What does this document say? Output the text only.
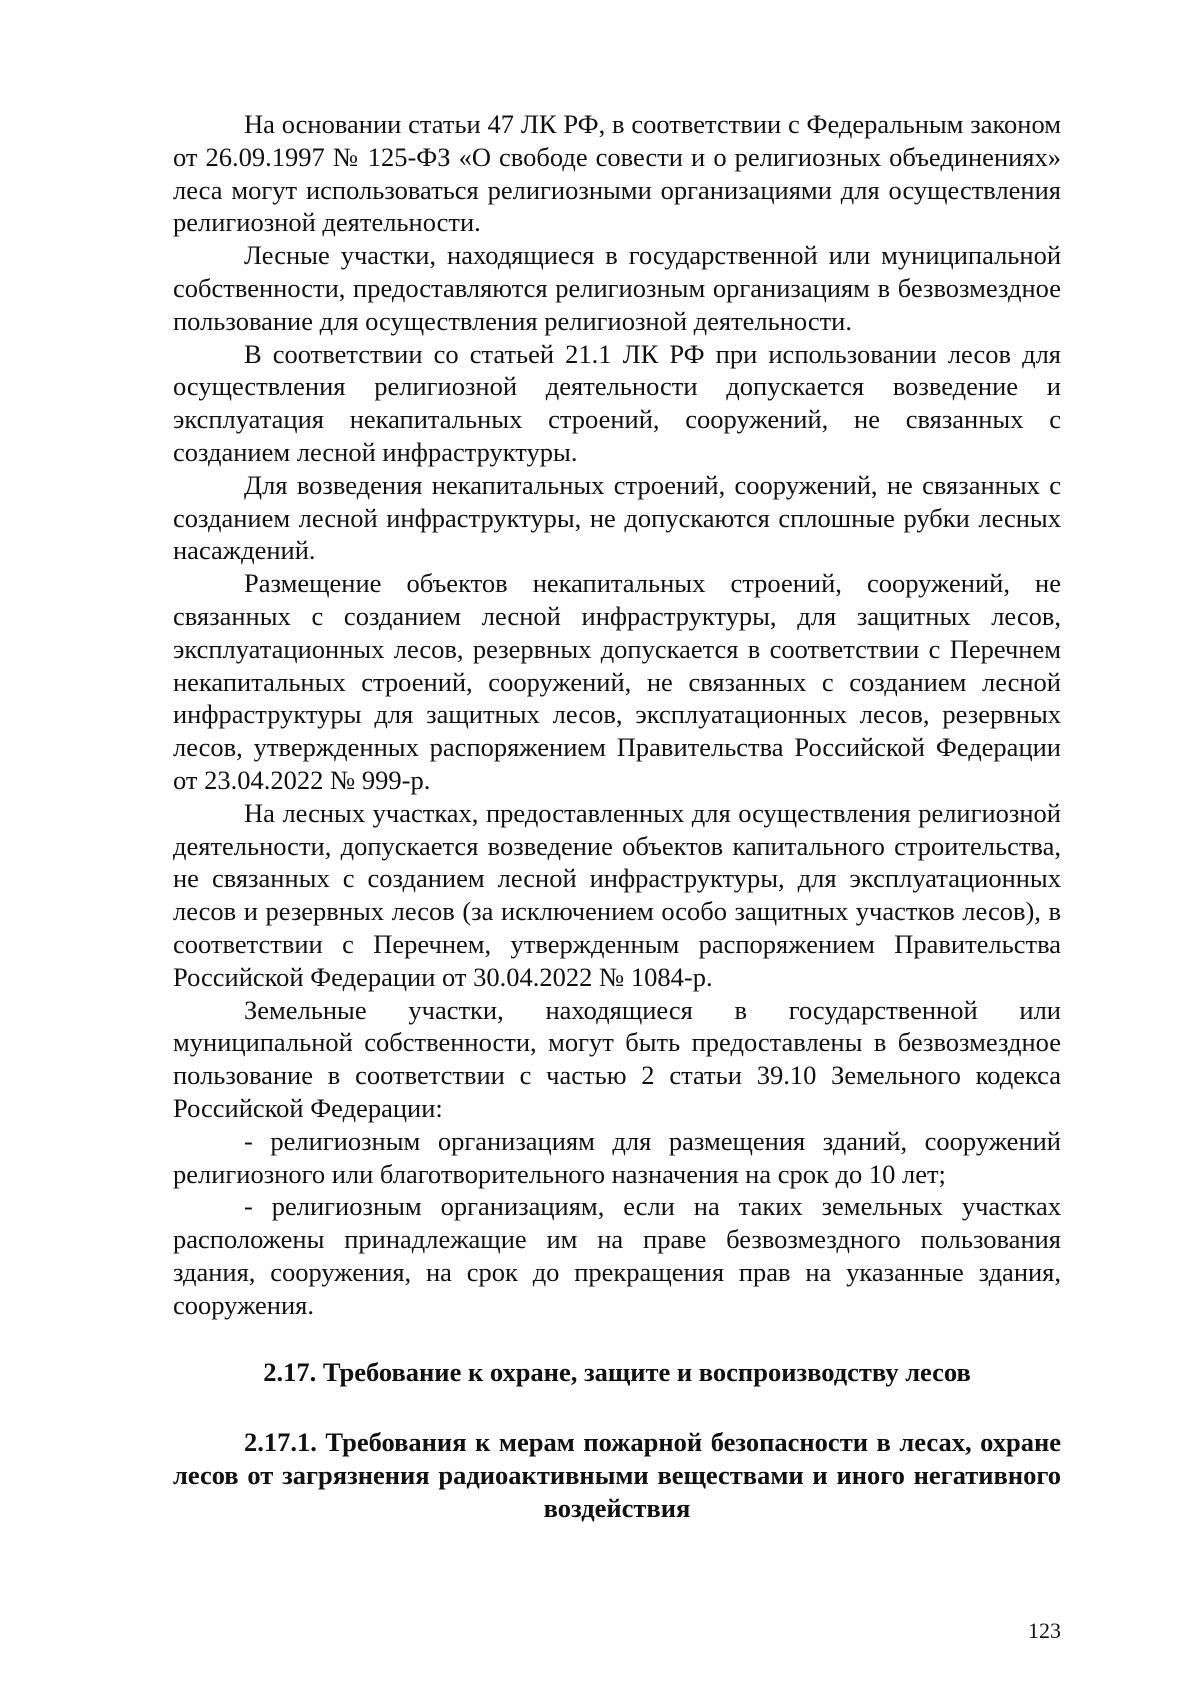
На основании статьи 47 ЛК РФ, в соответствии с Федеральным законом от 26.09.1997 № 125-ФЗ «О свободе совести и о религиозных объединениях» леса могут использоваться религиозными организациями для осуществления религиозной деятельности.

Лесные участки, находящиеся в государственной или муниципальной собственности, предоставляются религиозным организациям в безвозмездное пользование для осуществления религиозной деятельности.

В соответствии со статьей 21.1 ЛК РФ при использовании лесов для осуществления религиозной деятельности допускается возведение и эксплуатация некапитальных строений, сооружений, не связанных с созданием лесной инфраструктуры.

Для возведения некапитальных строений, сооружений, не связанных с созданием лесной инфраструктуры, не допускаются сплошные рубки лесных насаждений.

Размещение объектов некапитальных строений, сооружений, не связанных с созданием лесной инфраструктуры, для защитных лесов, эксплуатационных лесов, резервных допускается в соответствии с Перечнем некапитальных строений, сооружений, не связанных с созданием лесной инфраструктуры для защитных лесов, эксплуатационных лесов, резервных лесов, утвержденных распоряжением Правительства Российской Федерации от 23.04.2022 № 999-р.

На лесных участках, предоставленных для осуществления религиозной деятельности, допускается возведение объектов капитального строительства, не связанных с созданием лесной инфраструктуры, для эксплуатационных лесов и резервных лесов (за исключением особо защитных участков лесов), в соответствии с Перечнем, утвержденным распоряжением Правительства Российской Федерации от 30.04.2022 № 1084-р.

Земельные участки, находящиеся в государственной или муниципальной собственности, могут быть предоставлены в безвозмездное пользование в соответствии с частью 2 статьи 39.10 Земельного кодекса Российской Федерации:

- религиозным организациям для размещения зданий, сооружений религиозного или благотворительного назначения на срок до 10 лет;

- религиозным организациям, если на таких земельных участках расположены принадлежащие им на праве безвозмездного пользования здания, сооружения, на срок до прекращения прав на указанные здания, сооружения.

2.17. Требование к охране, защите и воспроизводству лесов

2.17.1. Требования к мерам пожарной безопасности в лесах, охране лесов от загрязнения радиоактивными веществами и иного негативного воздействия

123
